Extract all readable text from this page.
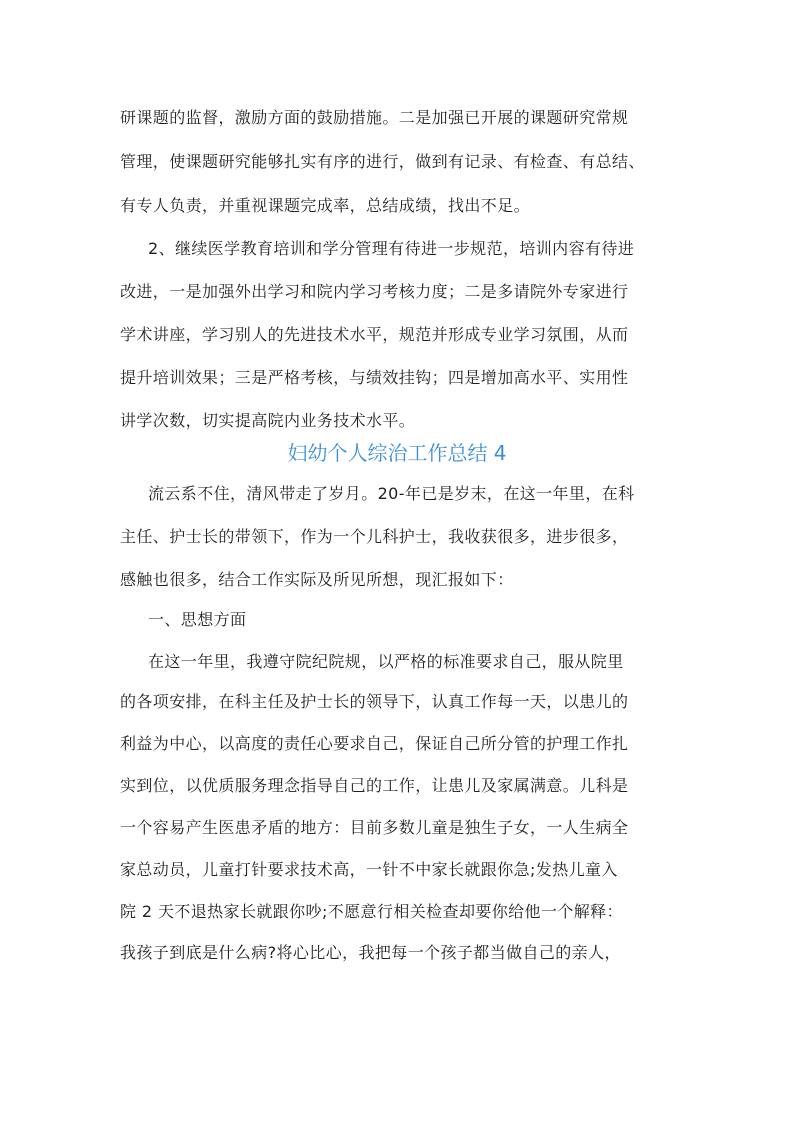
研课题的监督，激励方面的鼓励措施。二是加强已开展的课题研究常规
管理，使课题研究能够扎实有序的进行，做到有记录、有检查、有总结、
有专人负责，并重视课题完成率，总结成绩，找出不足。
2、继续医学教育培训和学分管理有待进一步规范，培训内容有待进
改进，一是加强外出学习和院内学习考核力度；二是多请院外专家进行
学术讲座，学习别人的先进技术水平，规范并形成专业学习氛围，从而
提升培训效果；三是严格考核，与绩效挂钩；四是增加高水平、实用性
讲学次数，切实提高院内业务技术水平。
妇幼个人综治工作总结 4
流云系不住，清风带走了岁月。20-年已是岁末，在这一年里，在科
主任、护士长的带领下，作为一个儿科护士，我收获很多，进步很多，
感触也很多，结合工作实际及所见所想，现汇报如下：
一、思想方面
在这一年里，我遵守院纪院规，以严格的标准要求自己，服从院里
的各项安排，在科主任及护士长的领导下，认真工作每一天，以患儿的
利益为中心，以高度的责任心要求自己，保证自己所分管的护理工作扎
实到位，以优质服务理念指导自己的工作，让患儿及家属满意。儿科是
一个容易产生医患矛盾的地方：目前多数儿童是独生子女，一人生病全
家总动员，儿童打针要求技术高，一针不中家长就跟你急;发热儿童入
院 2 天不退热家长就跟你吵;不愿意行相关检查却要你给他一个解释：
我孩子到底是什么病?将心比心，我把每一个孩子都当做自己的亲人，
